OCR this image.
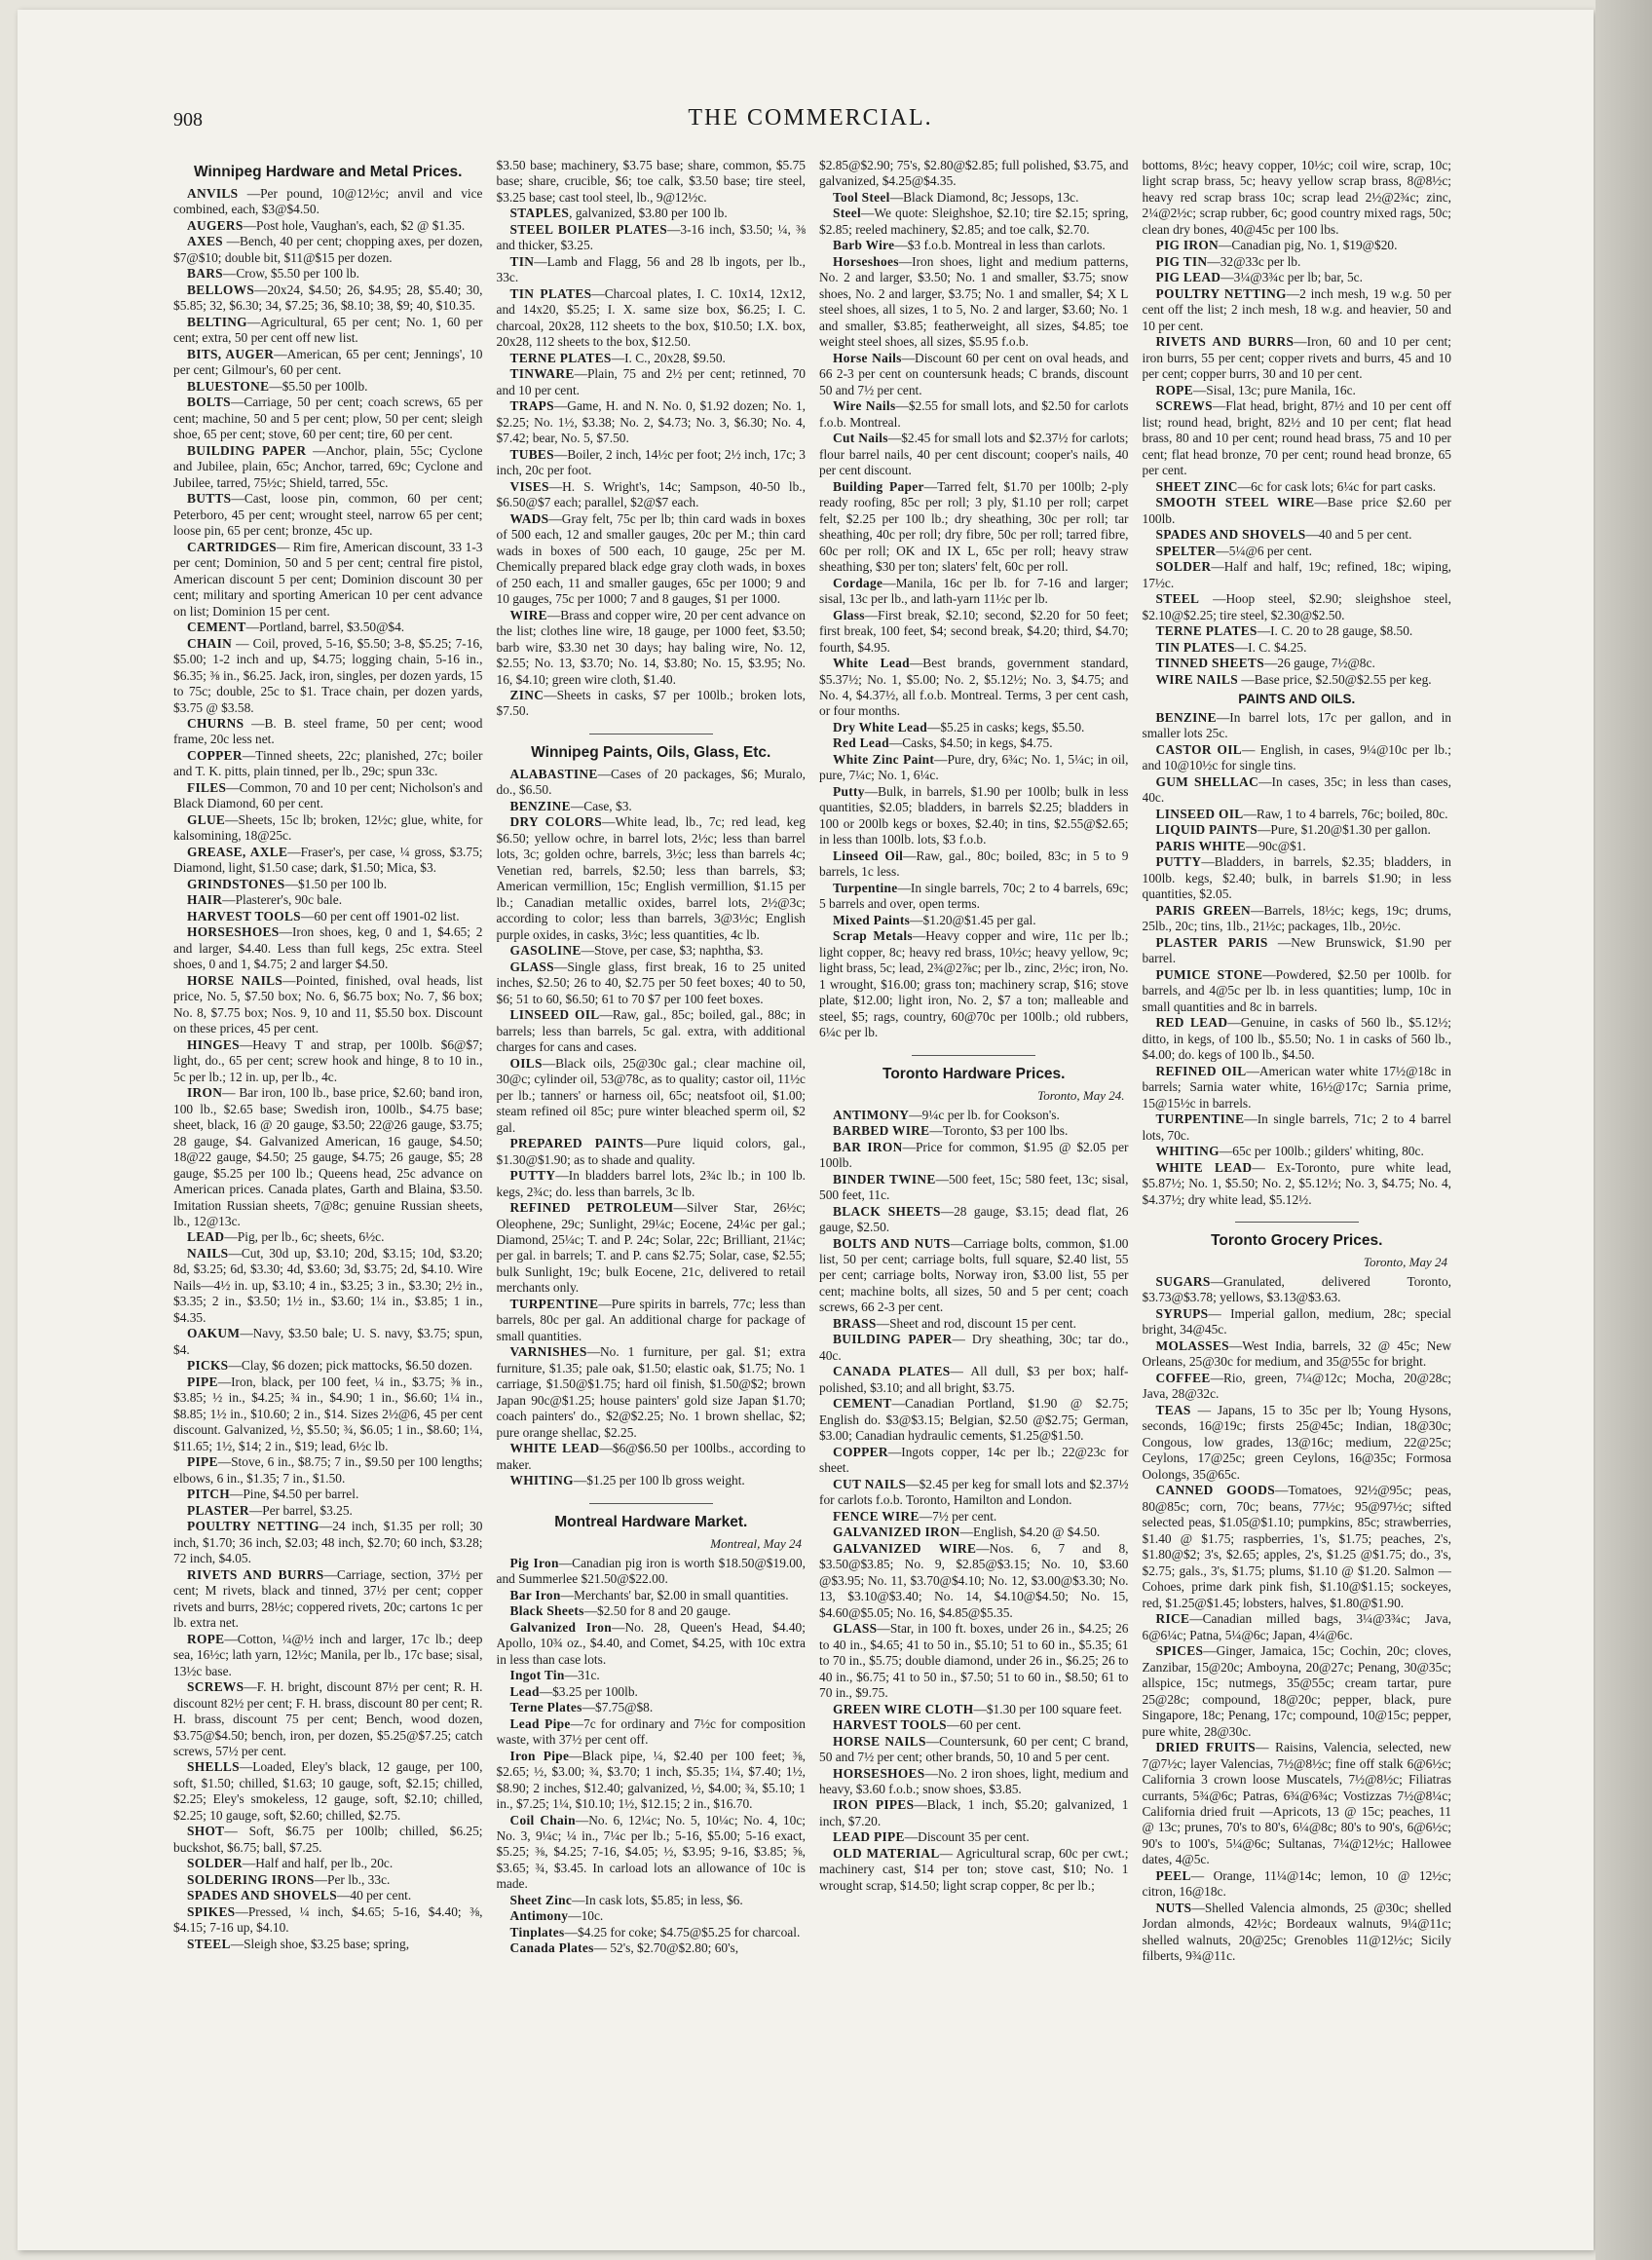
908	THE COMMERCIAL.
Winnipeg Hardware and Metal Prices.

ANVILS —Per pound, 10@12½c; anvil and vice combined, each, $3@$4.50.

AUGERS—Post hole, Vaughan's, each, $2 @ $1.35.

AXES —Bench, 40 per cent; chopping axes, per dozen, $7@$10; double bit, $11@$15 per dozen.

BARS—Crow, $5.50 per 100 lb.

BELLOWS—20x24, $4.50; 26, $4.95; 28, $5.40; 30, $5.85; 32, $6.30; 34, $7.25; 36, $8.10; 38, $9; 40, $10.35.

BELTING—Agricultural, 65 per cent; No. 1, 60 per cent; extra, 50 per cent off new list.

BITS, AUGER—American, 65 per cent; Jennings', 10 per cent; Gilmour's, 60 per cent.

BLUESTONE—$5.50 per 100lb.

BOLTS—Carriage, 50 per cent; coach screws, 65 per cent; machine, 50 and 5 per cent; plow, 50 per cent; sleigh shoe, 65 per cent; stove, 60 per cent; tire, 60 per cent.

BUILDING PAPER —Anchor, plain, 55c; Cyclone and Jubilee, plain, 65c; Anchor, tarred, 69c; Cyclone and Jubilee, tarred, 75½c; Shield, tarred, 55c.

BUTTS—Cast, loose pin, common, 60 per cent; Peterboro, 45 per cent; wrought steel, narrow 65 per cent; loose pin, 65 per cent; bronze, 45c up.

CARTRIDGES— Rim fire, American discount, 33 1-3 per cent; Dominion, 50 and 5 per cent; central fire pistol, American discount 5 per cent; Dominion discount 30 per cent; military and sporting American 10 per cent advance on list; Dominion 15 per cent.

CEMENT—Portland, barrel, $3.50@$4.

CHAIN — Coil, proved, 5-16, $5.50; 3-8, $5.25; 7-16, $5.00; 1-2 inch and up, $4.75; logging chain, 5-16 in., $6.35; ⅜ in., $6.25. Jack, iron, singles, per dozen yards, 15 to 75c; double, 25c to $1. Trace chain, per dozen yards, $3.75 @ $3.58.

CHURNS —B. B. steel frame, 50 per cent; wood frame, 20c less net.

COPPER—Tinned sheets, 22c; planished, 27c; boiler and T. K. pitts, plain tinned, per lb., 29c; spun 33c.

FILES—Common, 70 and 10 per cent; Nicholson's and Black Diamond, 60 per cent.

GLUE—Sheets, 15c lb; broken, 12½c; glue, white, for kalsomining, 18@25c.

GREASE, AXLE—Fraser's, per case, ¼ gross, $3.75; Diamond, light, $1.50 case; dark, $1.50; Mica, $3.

GRINDSTONES—$1.50 per 100 lb.

HAIR—Plasterer's, 90c bale.

HARVEST TOOLS—60 per cent off 1901-02 list.

HORSESHOES—Iron shoes, keg, 0 and 1, $4.65; 2 and larger, $4.40. Less than full kegs, 25c extra. Steel shoes, 0 and 1, $4.75; 2 and larger $4.50.

HORSE NAILS—Pointed, finished, oval heads, list price, No. 5, $7.50 box; No. 6, $6.75 box; No. 7, $6 box; No. 8, $7.75 box; Nos. 9, 10 and 11, $5.50 box. Discount on these prices, 45 per cent.

HINGES—Heavy T and strap, per 100lb. $6@$7; light, do., 65 per cent; screw hook and hinge, 8 to 10 in., 5c per lb.; 12 in. up, per lb., 4c.

IRON— Bar iron, 100 lb., base price, $2.60; band iron, 100 lb., $2.65 base; Swedish iron, 100lb., $4.75 base; sheet, black, 16 @ 20 gauge, $3.50; 22@26 gauge, $3.75; 28 gauge, $4. Galvanized American, 16 gauge, $4.50; 18@22 gauge, $4.50; 25 gauge, $4.75; 26 gauge, $5; 28 gauge, $5.25 per 100 lb.; Queens head, 25c advance on American prices. Canada plates, Garth and Blaina, $3.50. Imitation Russian sheets, 7@8c; genuine Russian sheets, lb., 12@13c.

LEAD—Pig, per lb., 6c; sheets, 6½c.

NAILS—Cut, 30d up, $3.10; 20d, $3.15; 10d, $3.20; 8d, $3.25; 6d, $3.30; 4d, $3.60; 3d, $3.75; 2d, $4.10. Wire Nails—4½ in. up, $3.10; 4 in., $3.25; 3 in., $3.30; 2½ in., $3.35; 2 in., $3.50; 1½ in., $3.60; 1¼ in., $3.85; 1 in., $4.35.

OAKUM—Navy, $3.50 bale; U. S. navy, $3.75; spun, $4.

PICKS—Clay, $6 dozen; pick mattocks, $6.50 dozen.

PIPE—Iron, black, per 100 feet, ¼ in., $3.75; ⅜ in., $3.85; ½ in., $4.25; ¾ in., $4.90; 1 in., $6.60; 1¼ in., $8.85; 1½ in., $10.60; 2 in., $14. Sizes 2½@6, 45 per cent discount. Galvanized, ½, $5.50; ¾, $6.05; 1 in., $8.60; 1¼, $11.65; 1½, $14; 2 in., $19; lead, 6½c lb.

PIPE—Stove, 6 in., $8.75; 7 in., $9.50 per 100 lengths; elbows, 6 in., $1.35; 7 in., $1.50.

PITCH—Pine, $4.50 per barrel.

PLASTER—Per barrel, $3.25.

POULTRY NETTING—24 inch, $1.35 per roll; 30 inch, $1.70; 36 inch, $2.03; 48 inch, $2.70; 60 inch, $3.28; 72 inch, $4.05.

RIVETS AND BURRS—Carriage, section, 37½ per cent; M rivets, black and tinned, 37½ per cent; copper rivets and burrs, 28½c; coppered rivets, 20c; cartons 1c per lb. extra net.

ROPE—Cotton, ¼@½ inch and larger, 17c lb.; deep sea, 16½c; lath yarn, 12½c; Manila, per lb., 17c base; sisal, 13½c base.

SCREWS—F. H. bright, discount 87½ per cent; R. H. discount 82½ per cent; F. H. brass, discount 80 per cent; R. H. brass, discount 75 per cent; Bench, wood dozen, $3.75@$4.50; bench, iron, per dozen, $5.25@$7.25; catch screws, 57½ per cent.

SHELLS—Loaded, Eley's black, 12 gauge, per 100, soft, $1.50; chilled, $1.63; 10 gauge, soft, $2.15; chilled, $2.25; Eley's smokeless, 12 gauge, soft, $2.10; chilled, $2.25; 10 gauge, soft, $2.60; chilled, $2.75.

SHOT— Soft, $6.75 per 100lb; chilled, $6.25; buckshot, $6.75; ball, $7.25.

SOLDER—Half and half, per lb., 20c.

SOLDERING IRONS—Per lb., 33c.

SPADES AND SHOVELS—40 per cent.

SPIKES—Pressed, ¼ inch, $4.65; 5-16, $4.40; ⅜, $4.15; 7-16 up, $4.10.

STEEL—Sleigh shoe, $3.25 base; spring,

$3.50 base; machinery, $3.75 base; share, common, $5.75 base; share, crucible, $6; toe calk, $3.50 base; tire steel, $3.25 base; cast tool steel, lb., 9@12½c.

STAPLES, galvanized, $3.80 per 100 lb.

STEEL BOILER PLATES—3-16 inch, $3.50; ¼, ⅜ and thicker, $3.25.

TIN—Lamb and Flagg, 56 and 28 lb ingots, per lb., 33c.

TIN PLATES—Charcoal plates, I. C. 10x14, 12x12, and 14x20, $5.25; I. X. same size box, $6.25; I. C. charcoal, 20x28, 112 sheets to the box, $10.50; I.X. box, 20x28, 112 sheets to the box, $12.50.

TERNE PLATES—I. C., 20x28, $9.50.

TINWARE—Plain, 75 and 2½ per cent; retinned, 70 and 10 per cent.

TRAPS—Game, H. and N. No. 0, $1.92 dozen; No. 1, $2.25; No. 1½, $3.38; No. 2, $4.73; No. 3, $6.30; No. 4, $7.42; bear, No. 5, $7.50.

TUBES—Boiler, 2 inch, 14½c per foot; 2½ inch, 17c; 3 inch, 20c per foot.

VISES—H. S. Wright's, 14c; Sampson, 40-50 lb., $6.50@$7 each; parallel, $2@$7 each.

WADS—Gray felt, 75c per lb; thin card wads in boxes of 500 each, 12 and smaller gauges, 20c per M.; thin card wads in boxes of 500 each, 10 gauge, 25c per M. Chemically prepared black edge gray cloth wads, in boxes of 250 each, 11 and smaller gauges, 65c per 1000; 9 and 10 gauges, 75c per 1000; 7 and 8 gauges, $1 per 1000.

WIRE—Brass and copper wire, 20 per cent advance on the list; clothes line wire, 18 gauge, per 1000 feet, $3.50; barb wire, $3.30 net 30 days; hay baling wire, No. 12, $2.55; No. 13, $3.70; No. 14, $3.80; No. 15, $3.95; No. 16, $4.10; green wire cloth, $1.40.

ZINC—Sheets in casks, $7 per 100lb.; broken lots, $7.50.

Winnipeg Paints, Oils, Glass, Etc.

ALABASTINE—Cases of 20 packages, $6; Muralo, do., $6.50.

BENZINE—Case, $3.

DRY COLORS—White lead, lb., 7c; red lead, keg $6.50; yellow ochre, in barrel lots, 2½c; less than barrel lots, 3c; golden ochre, barrels, 3½c; less than barrels 4c; Venetian red, barrels, $2.50; less than barrels, $3; American vermillion, 15c; English vermillion, $1.15 per lb.; Canadian metallic oxides, barrel lots, 2½@3c; according to color; less than barrels, 3@3½c; English purple oxides, in casks, 3½c; less quantities, 4c lb.

GASOLINE—Stove, per case, $3; naphtha, $3.

GLASS—Single glass, first break, 16 to 25 united inches, $2.50; 26 to 40, $2.75 per 50 feet boxes; 40 to 50, $6; 51 to 60, $6.50; 61 to 70 $7 per 100 feet boxes.

LINSEED OIL—Raw, gal., 85c; boiled, gal., 88c; in barrels; less than barrels, 5c gal. extra, with additional charges for cans and cases.

OILS—Black oils, 25@30c gal.; clear machine oil, 30@c; cylinder oil, 53@78c, as to quality; castor oil, 11½c per lb.; tanners' or harness oil, 65c; neatsfoot oil, $1.00; steam refined oil 85c; pure winter bleached sperm oil, $2 gal.

PREPARED PAINTS—Pure liquid colors, gal., $1.30@$1.90; as to shade and quality.

PUTTY—In bladders barrel lots, 2¾c lb.; in 100 lb. kegs, 2¾c; do. less than barrels, 3c lb.

REFINED PETROLEUM—Silver Star, 26½c; Oleophene, 29c; Sunlight, 29¼c; Eocene, 24¼c per gal.; Diamond, 25¼c; T. and P. 24c; Solar, 22c; Brilliant, 21¼c; per gal. in barrels; T. and P. cans $2.75; Solar, case, $2.55; bulk Sunlight, 19c; bulk Eocene, 21c, delivered to retail merchants only.

TURPENTINE—Pure spirits in barrels, 77c; less than barrels, 80c per gal. An additional charge for package of small quantities.

VARNISHES—No. 1 furniture, per gal. $1; extra furniture, $1.35; pale oak, $1.50; elastic oak, $1.75; No. 1 carriage, $1.50@$1.75; hard oil finish, $1.50@$2; brown Japan 90c@$1.25; house painters' gold size Japan $1.70; coach painters' do., $2@$2.25; No. 1 brown shellac, $2; pure orange shellac, $2.25.

WHITE LEAD—$6@$6.50 per 100lbs., according to maker.

WHITING—$1.25 per 100 lb gross weight.

Montreal Hardware Market.
Montreal, May 24

Pig Iron—Canadian pig iron is worth $18.50@$19.00, and Summerlee $21.50@$22.00.

Bar Iron—Merchants' bar, $2.00 in small quantities.

Black Sheets—$2.50 for 8 and 20 gauge.

Galvanized Iron—No. 28, Queen's Head, $4.40; Apollo, 10¾ oz., $4.40, and Comet, $4.25, with 10c extra in less than case lots.

Ingot Tin—31c.

Lead—$3.25 per 100lb.

Terne Plates—$7.75@$8.

Lead Pipe—7c for ordinary and 7½c for composition waste, with 37½ per cent off.

Iron Pipe—Black pipe, ¼, $2.40 per 100 feet; ⅜, $2.65; ½, $3.00; ¾, $3.70; 1 inch, $5.35; 1¼, $7.40; 1½, $8.90; 2 inches, $12.40; galvanized, ½, $4.00; ¾, $5.10; 1 in., $7.25; 1¼, $10.10; 1½, $12.15; 2 in., $16.70.

Coil Chain—No. 6, 12¼c; No. 5, 10¼c; No. 4, 10c; No. 3, 9¼c; ¼ in., 7¼c per lb.; 5-16, $5.00; 5-16 exact, $5.25; ⅜, $4.25; 7-16, $4.05; ½, $3.95; 9-16, $3.85; ⅝, $3.65; ¾, $3.45. In carload lots an allowance of 10c is made.

Sheet Zinc—In cask lots, $5.85; in less, $6.

Antimony—10c.

Tinplates—$4.25 for coke; $4.75@$5.25 for charcoal.

Canada Plates— 52's, $2.70@$2.80; 60's,

$2.85@$2.90; 75's, $2.80@$2.85; full polished, $3.75, and galvanized, $4.25@$4.35.

Tool Steel—Black Diamond, 8c; Jessops, 13c.

Steel—We quote: Sleighshoe, $2.10; tire $2.15; spring, $2.85; reeled machinery, $2.85; and toe calk, $2.70.

Barb Wire—$3 f.o.b. Montreal in less than carlots.

Horseshoes—Iron shoes, light and medium patterns, No. 2 and larger, $3.50; No. 1 and smaller, $3.75; snow shoes, No. 2 and larger, $3.75; No. 1 and smaller, $4; X L steel shoes, all sizes, 1 to 5, No. 2 and larger, $3.60; No. 1 and smaller, $3.85; featherweight, all sizes, $4.85; toe weight steel shoes, all sizes, $5.95 f.o.b.

Horse Nails—Discount 60 per cent on oval heads, and 66 2-3 per cent on countersunk heads; C brands, discount 50 and 7½ per cent.

Wire Nails—$2.55 for small lots, and $2.50 for carlots f.o.b. Montreal.

Cut Nails—$2.45 for small lots and $2.37½ for carlots; flour barrel nails, 40 per cent discount; cooper's nails, 40 per cent discount.

Building Paper—Tarred felt, $1.70 per 100lb; 2-ply ready roofing, 85c per roll; 3 ply, $1.10 per roll; carpet felt, $2.25 per 100 lb.; dry sheathing, 30c per roll; tar sheathing, 40c per roll; dry fibre, 50c per roll; tarred fibre, 60c per roll; OK and IX L, 65c per roll; heavy straw sheathing, $30 per ton; slaters' felt, 60c per roll.

Cordage—Manila, 16c per lb. for 7-16 and larger; sisal, 13c per lb., and lath-yarn 11½c per lb.

Glass—First break, $2.10; second, $2.20 for 50 feet; first break, 100 feet, $4; second break, $4.20; third, $4.70; fourth, $4.95.

White Lead—Best brands, government standard, $5.37½; No. 1, $5.00; No. 2, $5.12½; No. 3, $4.75; and No. 4, $4.37½, all f.o.b. Montreal. Terms, 3 per cent cash, or four months.

Dry White Lead—$5.25 in casks; kegs, $5.50.

Red Lead—Casks, $4.50; in kegs, $4.75.

White Zinc Paint—Pure, dry, 6¾c; No. 1, 5¼c; in oil, pure, 7¼c; No. 1, 6¼c.

Putty—Bulk, in barrels, $1.90 per 100lb; bulk in less quantities, $2.05; bladders, in barrels $2.25; bladders in 100 or 200lb kegs or boxes, $2.40; in tins, $2.55@$2.65; in less than 100lb. lots, $3 f.o.b.

Linseed Oil—Raw, gal., 80c; boiled, 83c; in 5 to 9 barrels, 1c less.

Turpentine—In single barrels, 70c; 2 to 4 barrels, 69c; 5 barrels and over, open terms.

Mixed Paints—$1.20@$1.45 per gal.

Scrap Metals—Heavy copper and wire, 11c per lb.; light copper, 8c; heavy red brass, 10½c; heavy yellow, 9c; light brass, 5c; lead, 2¾@2⅞c; per lb., zinc, 2½c; iron, No. 1 wrought, $16.00; grass ton; machinery scrap, $16; stove plate, $12.00; light iron, No. 2, $7 a ton; malleable and steel, $5; rags, country, 60@70c per 100lb.; old rubbers, 6¼c per lb.

Toronto Hardware Prices.
Toronto, May 24.

ANTIMONY—9¼c per lb. for Cookson's.

BARBED WIRE—Toronto, $3 per 100 lbs.

BAR IRON—Price for common, $1.95 @ $2.05 per 100lb.

BINDER TWINE—500 feet, 15c; 580 feet, 13c; sisal, 500 feet, 11c.

BLACK SHEETS—28 gauge, $3.15; dead flat, 26 gauge, $2.50.

BOLTS AND NUTS—Carriage bolts, common, $1.00 list, 50 per cent; carriage bolts, full square, $2.40 list, 55 per cent; carriage bolts, Norway iron, $3.00 list, 55 per cent; machine bolts, all sizes, 50 and 5 per cent; coach screws, 66 2-3 per cent.

BRASS—Sheet and rod, discount 15 per cent.

BUILDING PAPER— Dry sheathing, 30c; tar do., 40c.

CANADA PLATES— All dull, $3 per box; half-polished, $3.10; and all bright, $3.75.

CEMENT—Canadian Portland, $1.90 @ $2.75; English do. $3@$3.15; Belgian, $2.50 @$2.75; German, $3.00; Canadian hydraulic cements, $1.25@$1.50.

COPPER—Ingots copper, 14c per lb.; 22@23c for sheet.

CUT NAILS—$2.45 per keg for small lots and $2.37½ for carlots f.o.b. Toronto, Hamilton and London.

FENCE WIRE—7½ per cent.

GALVANIZED IRON—English, $4.20 @ $4.50.

GALVANIZED WIRE—Nos. 6, 7 and 8, $3.50@$3.85; No. 9, $2.85@$3.15; No. 10, $3.60 @$3.95; No. 11, $3.70@$4.10; No. 12, $3.00@$3.30; No. 13, $3.10@$3.40; No. 14, $4.10@$4.50; No. 15, $4.60@$5.05; No. 16, $4.85@$5.35.

GLASS—Star, in 100 ft. boxes, under 26 in., $4.25; 26 to 40 in., $4.65; 41 to 50 in., $5.10; 51 to 60 in., $5.35; 61 to 70 in., $5.75; double diamond, under 26 in., $6.25; 26 to 40 in., $6.75; 41 to 50 in., $7.50; 51 to 60 in., $8.50; 61 to 70 in., $9.75.

GREEN WIRE CLOTH—$1.30 per 100 square feet.

HARVEST TOOLS—60 per cent.

HORSE NAILS—Countersunk, 60 per cent; C brand, 50 and 7½ per cent; other brands, 50, 10 and 5 per cent.

HORSESHOES—No. 2 iron shoes, light, medium and heavy, $3.60 f.o.b.; snow shoes, $3.85.

IRON PIPES—Black, 1 inch, $5.20; galvanized, 1 inch, $7.20.

LEAD PIPE—Discount 35 per cent.

OLD MATERIAL— Agricultural scrap, 60c per cwt.; machinery cast, $14 per ton; stove cast, $10; No. 1 wrought scrap, $14.50; light scrap copper, 8c per lb.;

bottoms, 8½c; heavy copper, 10½c; coil wire, scrap, 10c; light scrap brass, 5c; heavy yellow scrap brass, 8@8½c; heavy red scrap brass 10c; scrap lead 2½@2¾c; zinc, 2¼@2½c; scrap rubber, 6c; good country mixed rags, 50c; clean dry bones, 40@45c per 100 lbs.

PIG IRON—Canadian pig, No. 1, $19@$20.

PIG TIN—32@33c per lb.

PIG LEAD—3¼@3¾c per lb; bar, 5c.

POULTRY NETTING—2 inch mesh, 19 w.g. 50 per cent off the list; 2 inch mesh, 18 w.g. and heavier, 50 and 10 per cent.

RIVETS AND BURRS—Iron, 60 and 10 per cent; iron burrs, 55 per cent; copper rivets and burrs, 45 and 10 per cent; copper burrs, 30 and 10 per cent.

ROPE—Sisal, 13c; pure Manila, 16c.

SCREWS—Flat head, bright, 87½ and 10 per cent off list; round head, bright, 82½ and 10 per cent; flat head brass, 80 and 10 per cent; round head brass, 75 and 10 per cent; flat head bronze, 70 per cent; round head bronze, 65 per cent.

SHEET ZINC—6c for cask lots; 6¼c for part casks.

SMOOTH STEEL WIRE—Base price $2.60 per 100lb.

SPADES AND SHOVELS—40 and 5 per cent.

SPELTER—5¼@6 per cent.

SOLDER—Half and half, 19c; refined, 18c; wiping, 17½c.

STEEL —Hoop steel, $2.90; sleighshoe steel, $2.10@$2.25; tire steel, $2.30@$2.50.

TERNE PLATES—I. C. 20 to 28 gauge, $8.50.

TIN PLATES—I. C. $4.25.

TINNED SHEETS—26 gauge, 7½@8c.

WIRE NAILS —Base price, $2.50@$2.55 per keg.

PAINTS AND OILS.

BENZINE—In barrel lots, 17c per gallon, and in smaller lots 25c.

CASTOR OIL— English, in cases, 9¼@10c per lb.; and 10@10½c for single tins.

GUM SHELLAC—In cases, 35c; in less than cases, 40c.

LINSEED OIL—Raw, 1 to 4 barrels, 76c; boiled, 80c.

LIQUID PAINTS—Pure, $1.20@$1.30 per gallon.

PARIS WHITE—90c@$1.

PUTTY—Bladders, in barrels, $2.35; bladders, in 100lb. kegs, $2.40; bulk, in barrels $1.90; in less quantities, $2.05.

PARIS GREEN—Barrels, 18½c; kegs, 19c; drums, 25lb., 20c; tins, 1lb., 21½c; packages, 1lb., 20½c.

PLASTER PARIS —New Brunswick, $1.90 per barrel.

PUMICE STONE—Powdered, $2.50 per 100lb. for barrels, and 4@5c per lb. in less quantities; lump, 10c in small quantities and 8c in barrels.

RED LEAD—Genuine, in casks of 560 lb., $5.12½; ditto, in kegs, of 100 lb., $5.50; No. 1 in casks of 560 lb., $4.00; do. kegs of 100 lb., $4.50.

REFINED OIL—American water white 17½@18c in barrels; Sarnia water white, 16½@17c; Sarnia prime, 15@15½c in barrels.

TURPENTINE—In single barrels, 71c; 2 to 4 barrel lots, 70c.

WHITING—65c per 100lb.; gilders' whiting, 80c.

WHITE LEAD— Ex-Toronto, pure white lead, $5.87½; No. 1, $5.50; No. 2, $5.12½; No. 3, $4.75; No. 4, $4.37½; dry white lead, $5.12½.

Toronto Grocery Prices.
Toronto, May 24

SUGARS—Granulated, delivered Toronto, $3.73@$3.78; yellows, $3.13@$3.63.

SYRUPS— Imperial gallon, medium, 28c; special bright, 34@45c.

MOLASSES—West India, barrels, 32 @ 45c; New Orleans, 25@30c for medium, and 35@55c for bright.

COFFEE—Rio, green, 7¼@12c; Mocha, 20@28c; Java, 28@32c.

TEAS — Japans, 15 to 35c per lb; Young Hysons, seconds, 16@19c; firsts 25@45c; Indian, 18@30c; Congous, low grades, 13@16c; medium, 22@25c; Ceylons, 17@25c; green Ceylons, 16@35c; Formosa Oolongs, 35@65c.

CANNED GOODS—Tomatoes, 92½@95c; peas, 80@85c; corn, 70c; beans, 77½c; 95@97½c; sifted selected peas, $1.05@$1.10; pumpkins, 85c; strawberries, $1.40 @ $1.75; raspberries, 1's, $1.75; peaches, 2's, $1.80@$2; 3's, $2.65; apples, 2's, $1.25 @$1.75; do., 3's, $2.75; gals., 3's, $1.75; plums, $1.10 @ $1.20. Salmon —Cohoes, prime dark pink fish, $1.10@$1.15; sockeyes, red, $1.25@$1.45; lobsters, halves, $1.80@$1.90.

RICE—Canadian milled bags, 3¼@3¾c; Java, 6@6¼c; Patna, 5¼@6c; Japan, 4¼@6c.

SPICES—Ginger, Jamaica, 15c; Cochin, 20c; cloves, Zanzibar, 15@20c; Amboyna, 20@27c; Penang, 30@35c; allspice, 15c; nutmegs, 35@55c; cream tartar, pure 25@28c; compound, 18@20c; pepper, black, pure Singapore, 18c; Penang, 17c; compound, 10@15c; pepper, pure white, 28@30c.

DRIED FRUITS— Raisins, Valencia, selected, new 7@7½c; layer Valencias, 7½@8½c; fine off stalk 6@6½c; California 3 crown loose Muscatels, 7½@8½c; Filiatras currants, 5¾@6c; Patras, 6¾@6¾c; Vostizzas 7½@8¼c; California dried fruit —Apricots, 13 @ 15c; peaches, 11 @ 13c; prunes, 70's to 80's, 6¼@8c; 80's to 90's, 6@6½c; 90's to 100's, 5¼@6c; Sultanas, 7¼@12½c; Hallowee dates, 4@5c.

PEEL— Orange, 11¼@14c; lemon, 10 @ 12½c; citron, 16@18c.

NUTS—Shelled Valencia almonds, 25 @30c; shelled Jordan almonds, 42½c; Bordeaux walnuts, 9¼@11c; shelled walnuts, 20@25c; Grenobles 11@12½c; Sicily filberts, 9¾@11c.
